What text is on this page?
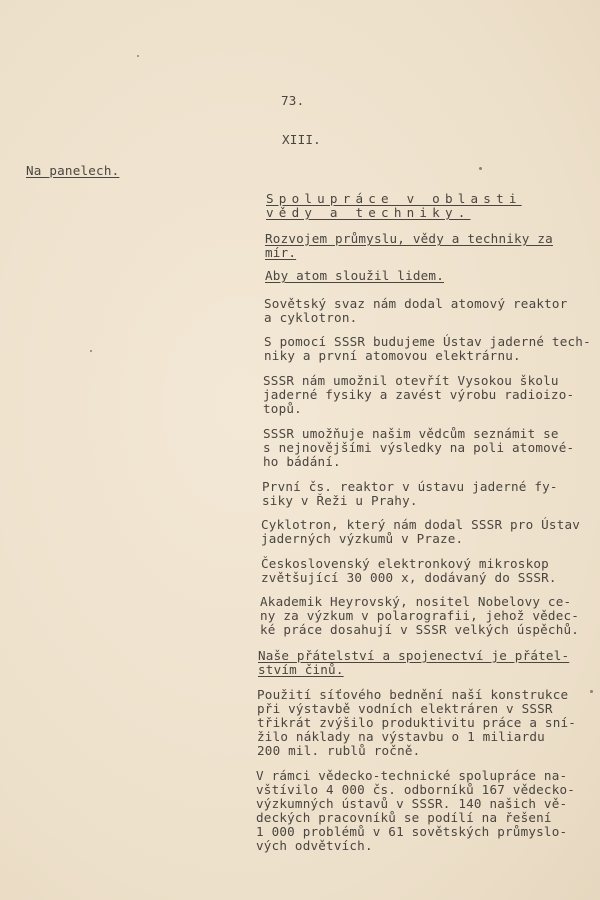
73.
XIII.
Na panelech.
Spolupráce v oblasti
vědy a techniky.
Rozvojem průmyslu, vědy a techniky za
mír.
Aby atom sloužil lidem.
Sovětský svaz nám dodal atomový reaktor
a cyklotron.
S pomocí SSSR budujeme Ústav jaderné tech-
niky a první atomovou elektrárnu.
SSSR nám umožnil otevřít Vysokou školu
jaderné fysiky a zavést výrobu radioizo-
topů.
SSSR umožňuje našim vědcům seznámit se
s nejnovějšími výsledky na poli atomové-
ho bádání.
První čs. reaktor v ústavu jaderné fy-
siky v Řeži u Prahy.
Cyklotron, který nám dodal SSSR pro Ústav
jaderných výzkumů v Praze.
Československý elektronkový mikroskop
zvětšující 30 000 x, dodávaný do SSSR.
Akademik Heyrovský, nositel Nobelovy ce-
ny za výzkum v polarografii, jehož vědec-
ké práce dosahují v SSSR velkých úspěchů.
Naše přátelství a spojenectví je přátel-
stvím činů.
Použití síťového bednění naší konstrukce
při výstavbě vodních elektráren v SSSR
třikrát zvýšilo produktivitu práce a sní-
žilo náklady na výstavbu o 1 miliardu
200 mil. rublů ročně.
V rámci vědecko-technické spolupráce na-
vštívilo 4 000 čs. odborníků 167 vědecko-
výzkumných ústavů v SSSR. 140 našich vě-
deckých pracovníků se podílí na řešení
1 000 problémů v 61 sovětských průmyslo-
vých odvětvích.
